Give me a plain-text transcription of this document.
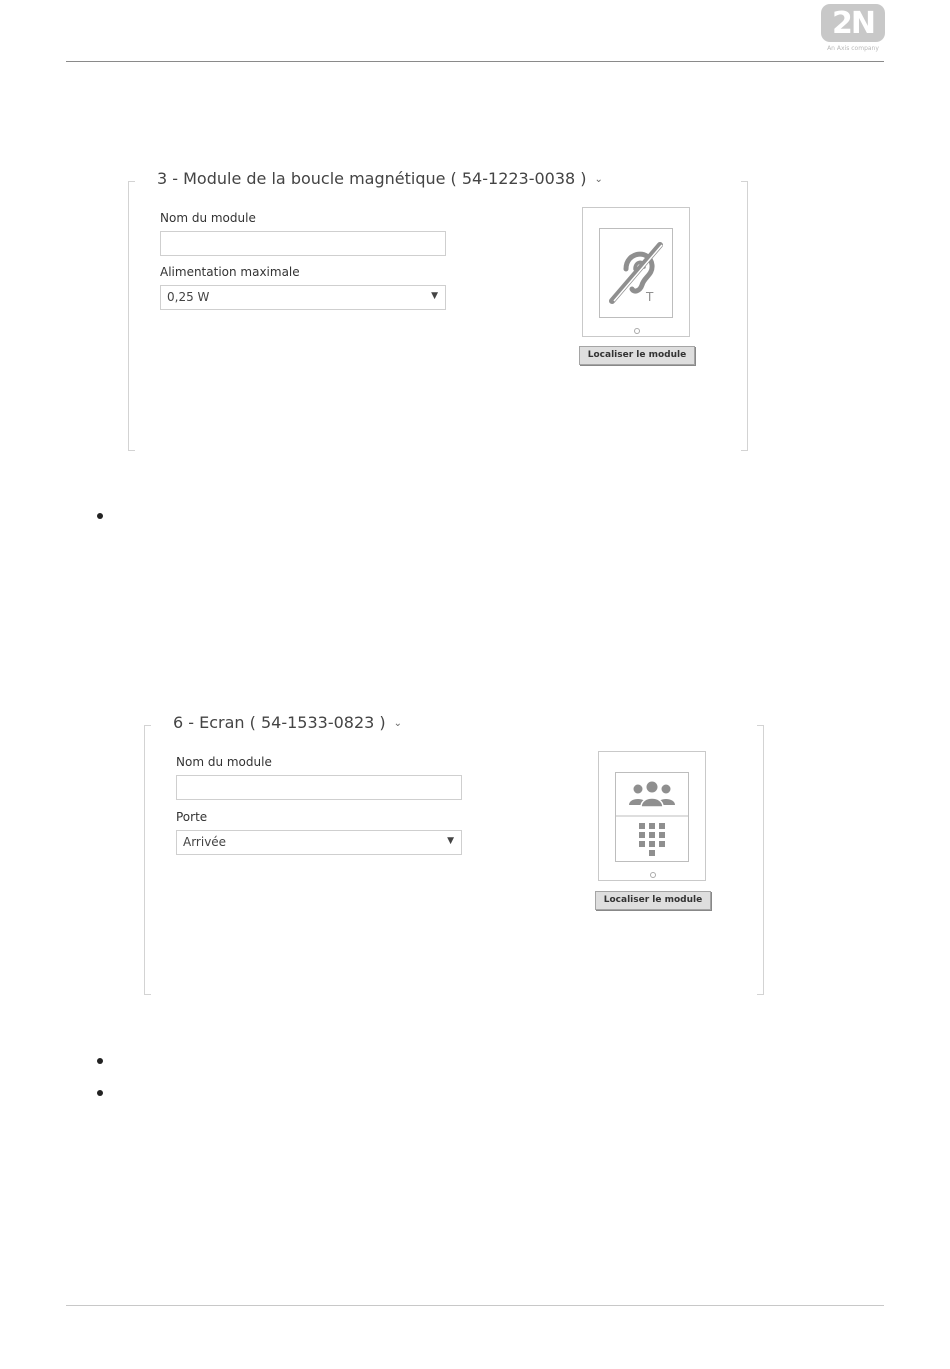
2N
An Axis company
3 - Module de la boucle magnétique ( 54-1223-0038 ) ⌄
Nom du module
Alimentation maximale
0,25 W	▼	T
Localiser le module
6 - Ecran ( 54-1533-0823 ) ⌄
Nom du module
Porte
Arrivée	▼
Localiser le module
